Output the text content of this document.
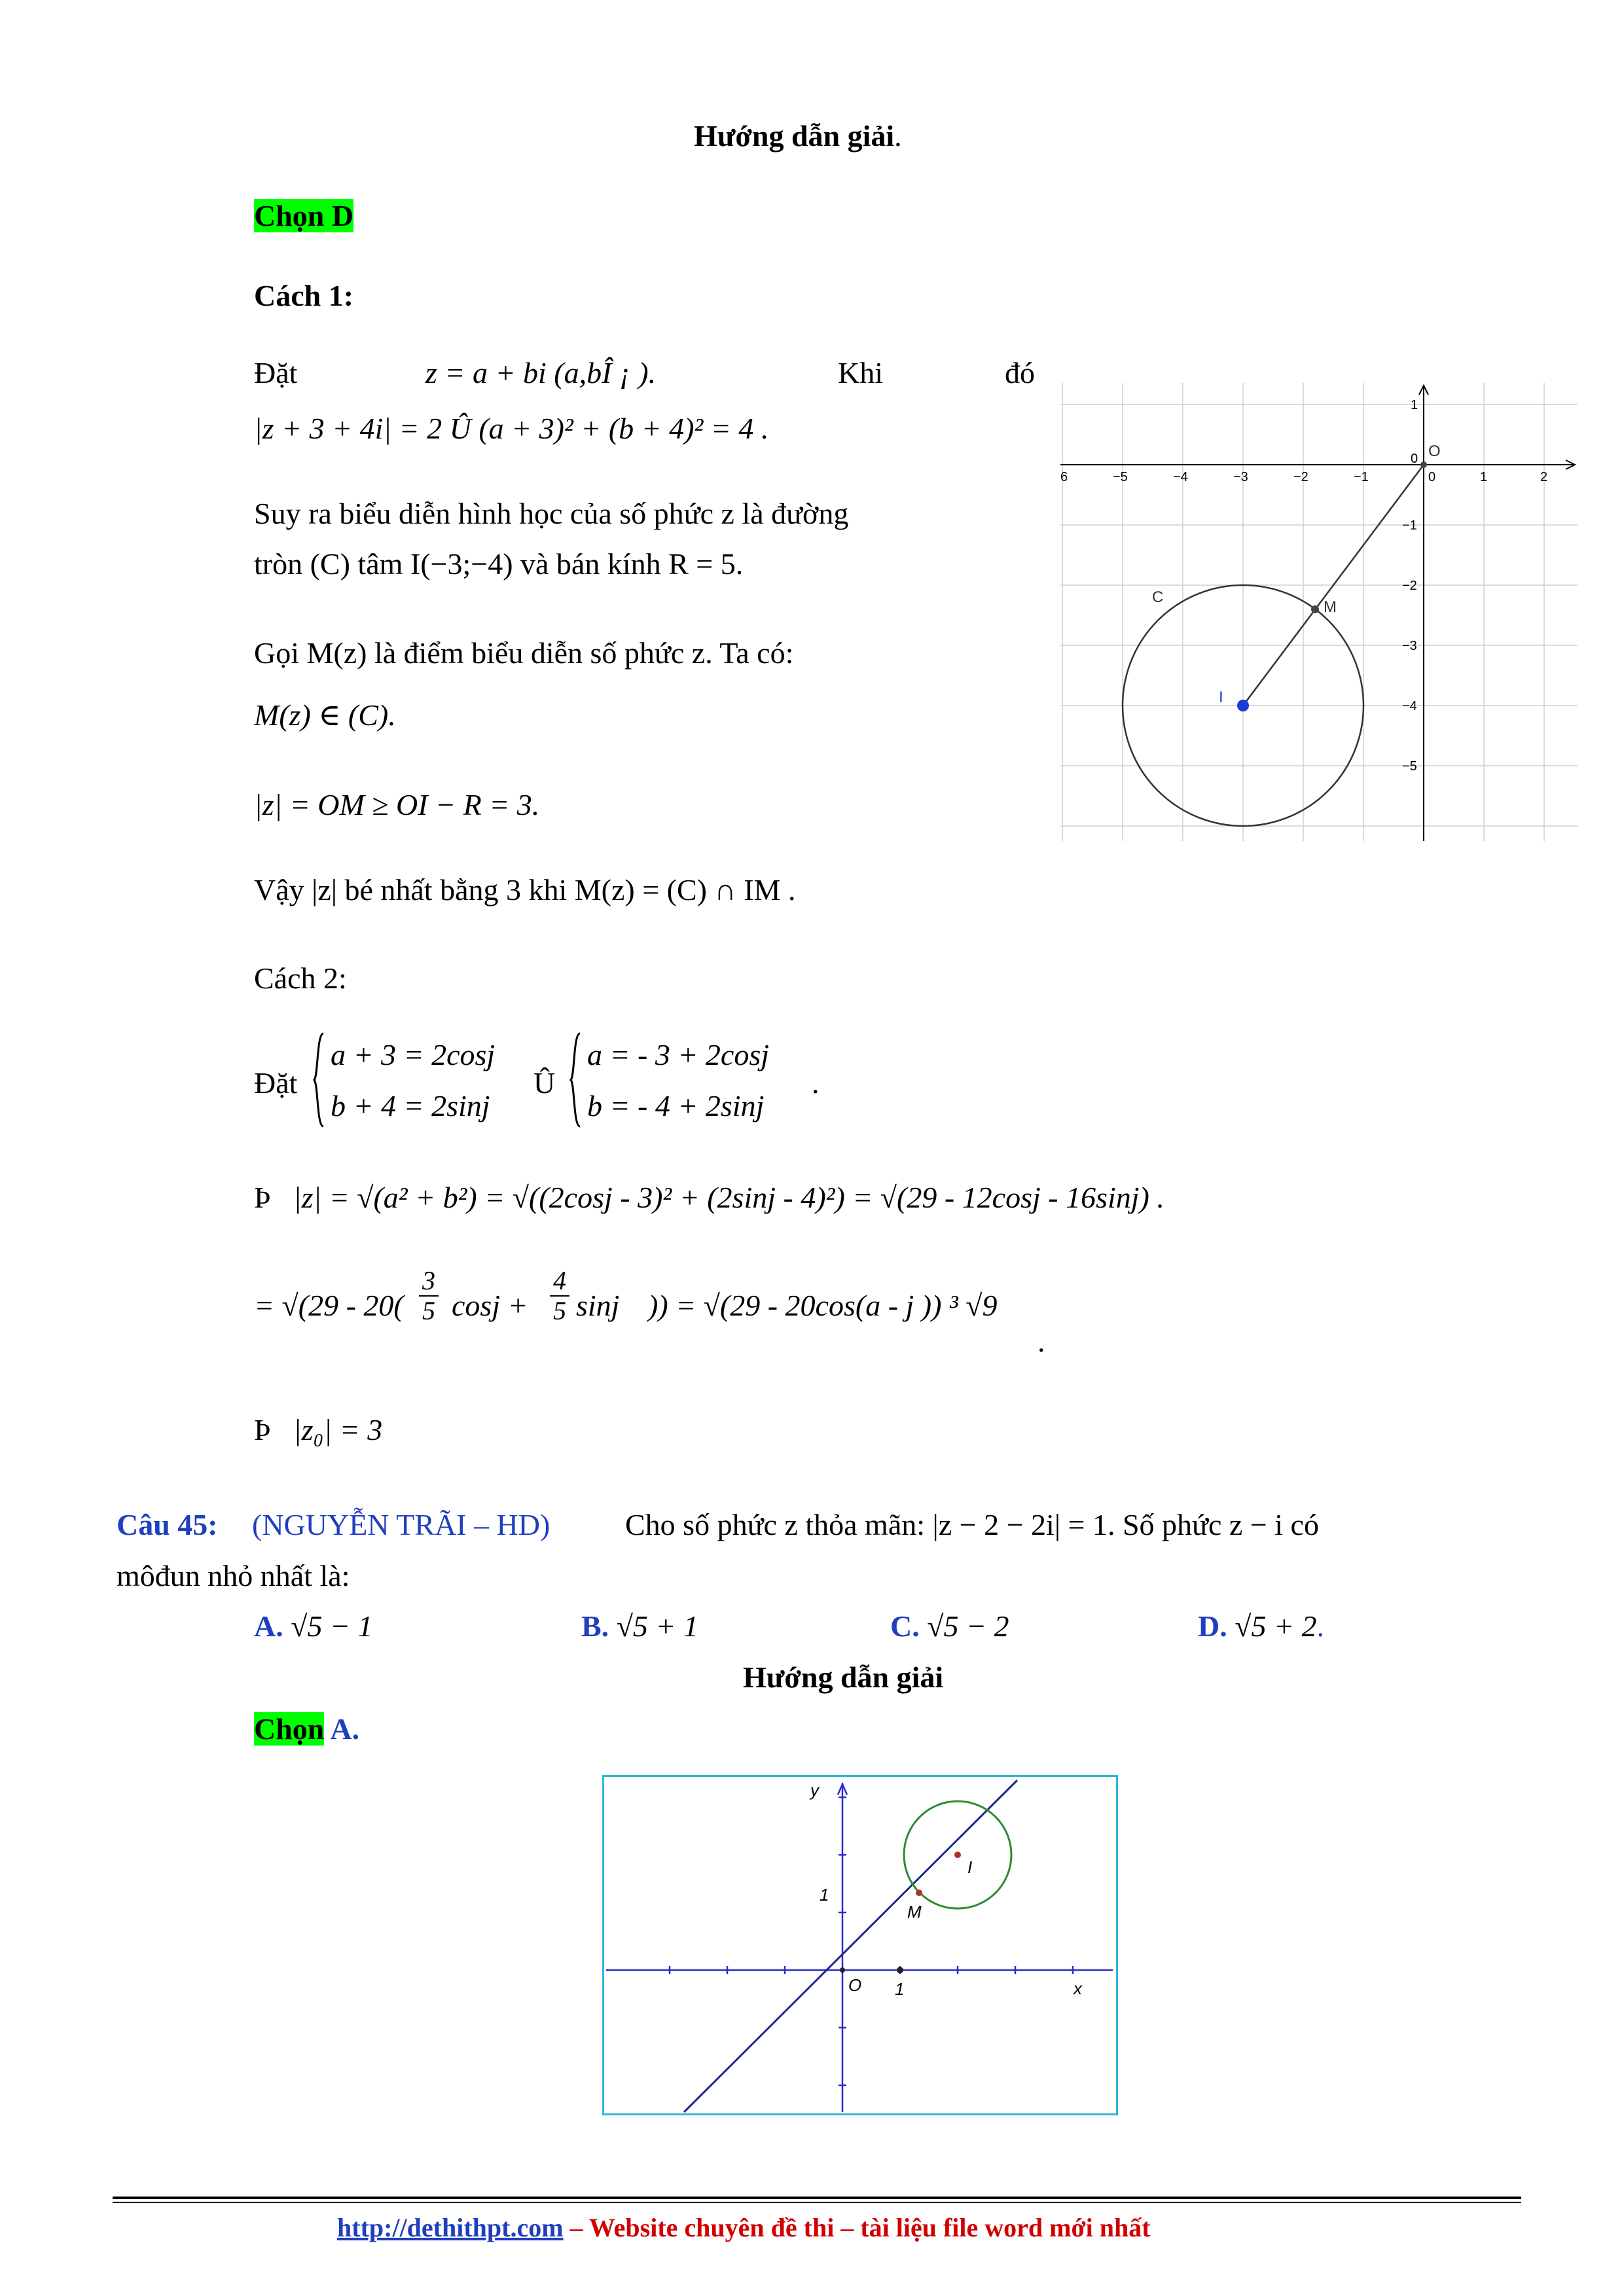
Hướng dẫn giải.
Chọn D
Cách 1:
Đặt	z = a + bi (a,bÎ ¡ ).	Khi	đó
|z + 3 + 4i| = 2 Û (a + 3)² + (b + 4)² = 4 .
Suy ra biểu diễn hình học của số phức z là đường
tròn (C) tâm I(−3;−4) và bán kính R = 5.
Gọi M(z) là điểm biểu diễn số phức z. Ta có:
M(z) ∈ (C).
|z| = OM ≥ OI − R = 3.
Vậy |z| bé nhất bằng 3 khi M(z) = (C) ∩ IM .
Cách 2:
Đặt
a + 3 = 2cosj
b + 4 = 2sinj
Û
a = - 3 + 2cosj
b = - 4 + 2sinj
.
Þ |z| = √(a² + b²) = √((2cosj - 3)² + (2sinj - 4)²) = √(29 - 12cosj - 16sinj) .
= √(29 - 20(
3
5 cosj +
4
5 sinj )) = √(29 - 20cos(a - j )) ³ √9
.
Þ |z₀| = 3
6	−5	−4	−3	−2	−1	0	1	2
1
0
−1
−2
−3
−4
−5
O
C
M
I
Câu 45: (NGUYỄN TRÃI – HD) Cho số phức z thỏa mãn: |z − 2 − 2i| = 1. Số phức z − i có
môđun nhỏ nhất là:
A. √5 − 1	B. √5 + 1	C. √5 − 2	D. √5 + 2.
Hướng dẫn giải
Chọn A.
y
x
O
1
1
I
M
http://dethithpt.com – Website chuyên đề thi – tài liệu file word mới nhất
